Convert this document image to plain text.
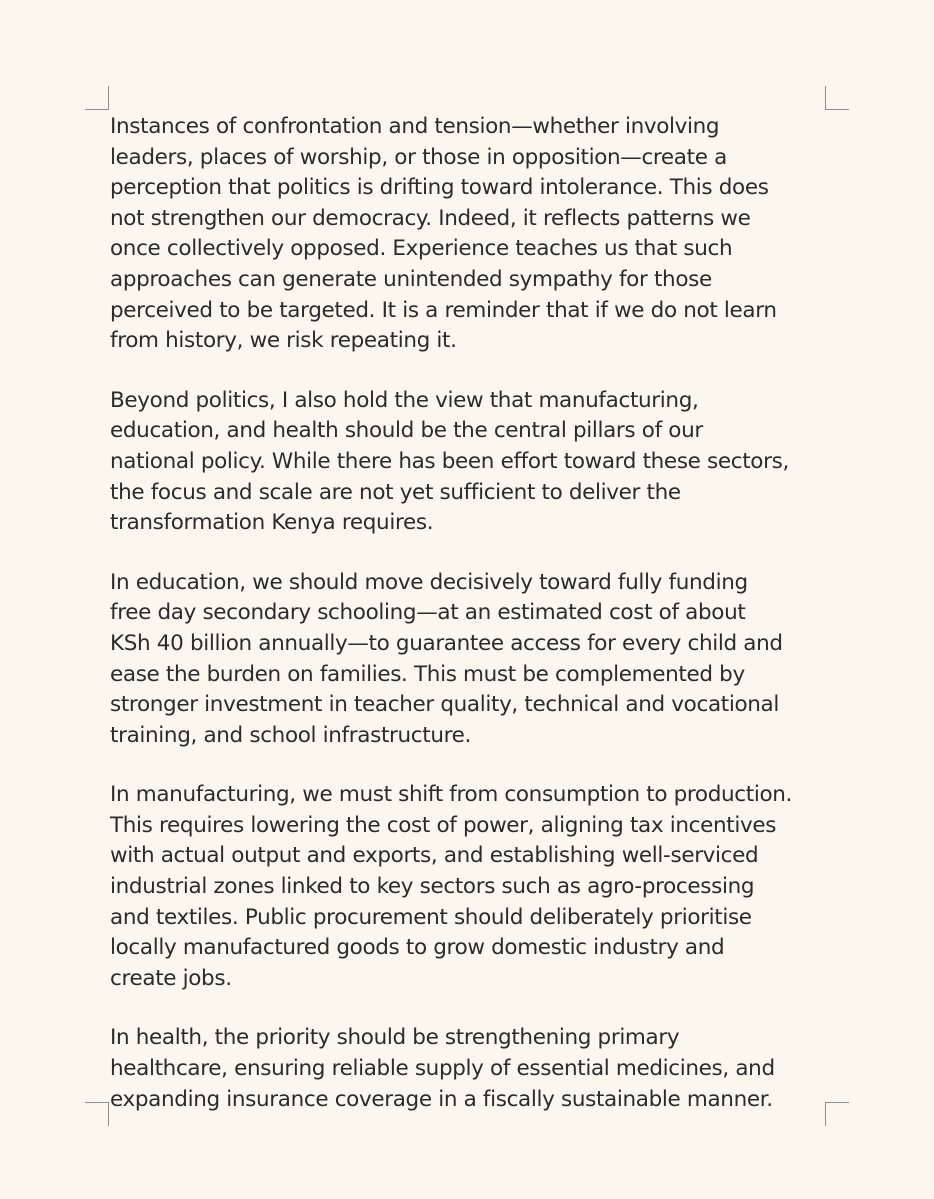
Instances of confrontation and tension—whether involving
leaders, places of worship, or those in opposition—create a
perception that politics is drifting toward intolerance. This does
not strengthen our democracy. Indeed, it reflects patterns we
once collectively opposed. Experience teaches us that such
approaches can generate unintended sympathy for those
perceived to be targeted. It is a reminder that if we do not learn
from history, we risk repeating it.

Beyond politics, I also hold the view that manufacturing,
education, and health should be the central pillars of our
national policy. While there has been effort toward these sectors,
the focus and scale are not yet sufficient to deliver the
transformation Kenya requires.

In education, we should move decisively toward fully funding
free day secondary schooling—at an estimated cost of about
KSh 40 billion annually—to guarantee access for every child and
ease the burden on families. This must be complemented by
stronger investment in teacher quality, technical and vocational
training, and school infrastructure.

In manufacturing, we must shift from consumption to production.
This requires lowering the cost of power, aligning tax incentives
with actual output and exports, and establishing well-serviced
industrial zones linked to key sectors such as agro-processing
and textiles. Public procurement should deliberately prioritise
locally manufactured goods to grow domestic industry and
create jobs.

In health, the priority should be strengthening primary
healthcare, ensuring reliable supply of essential medicines, and
expanding insurance coverage in a fiscally sustainable manner.
